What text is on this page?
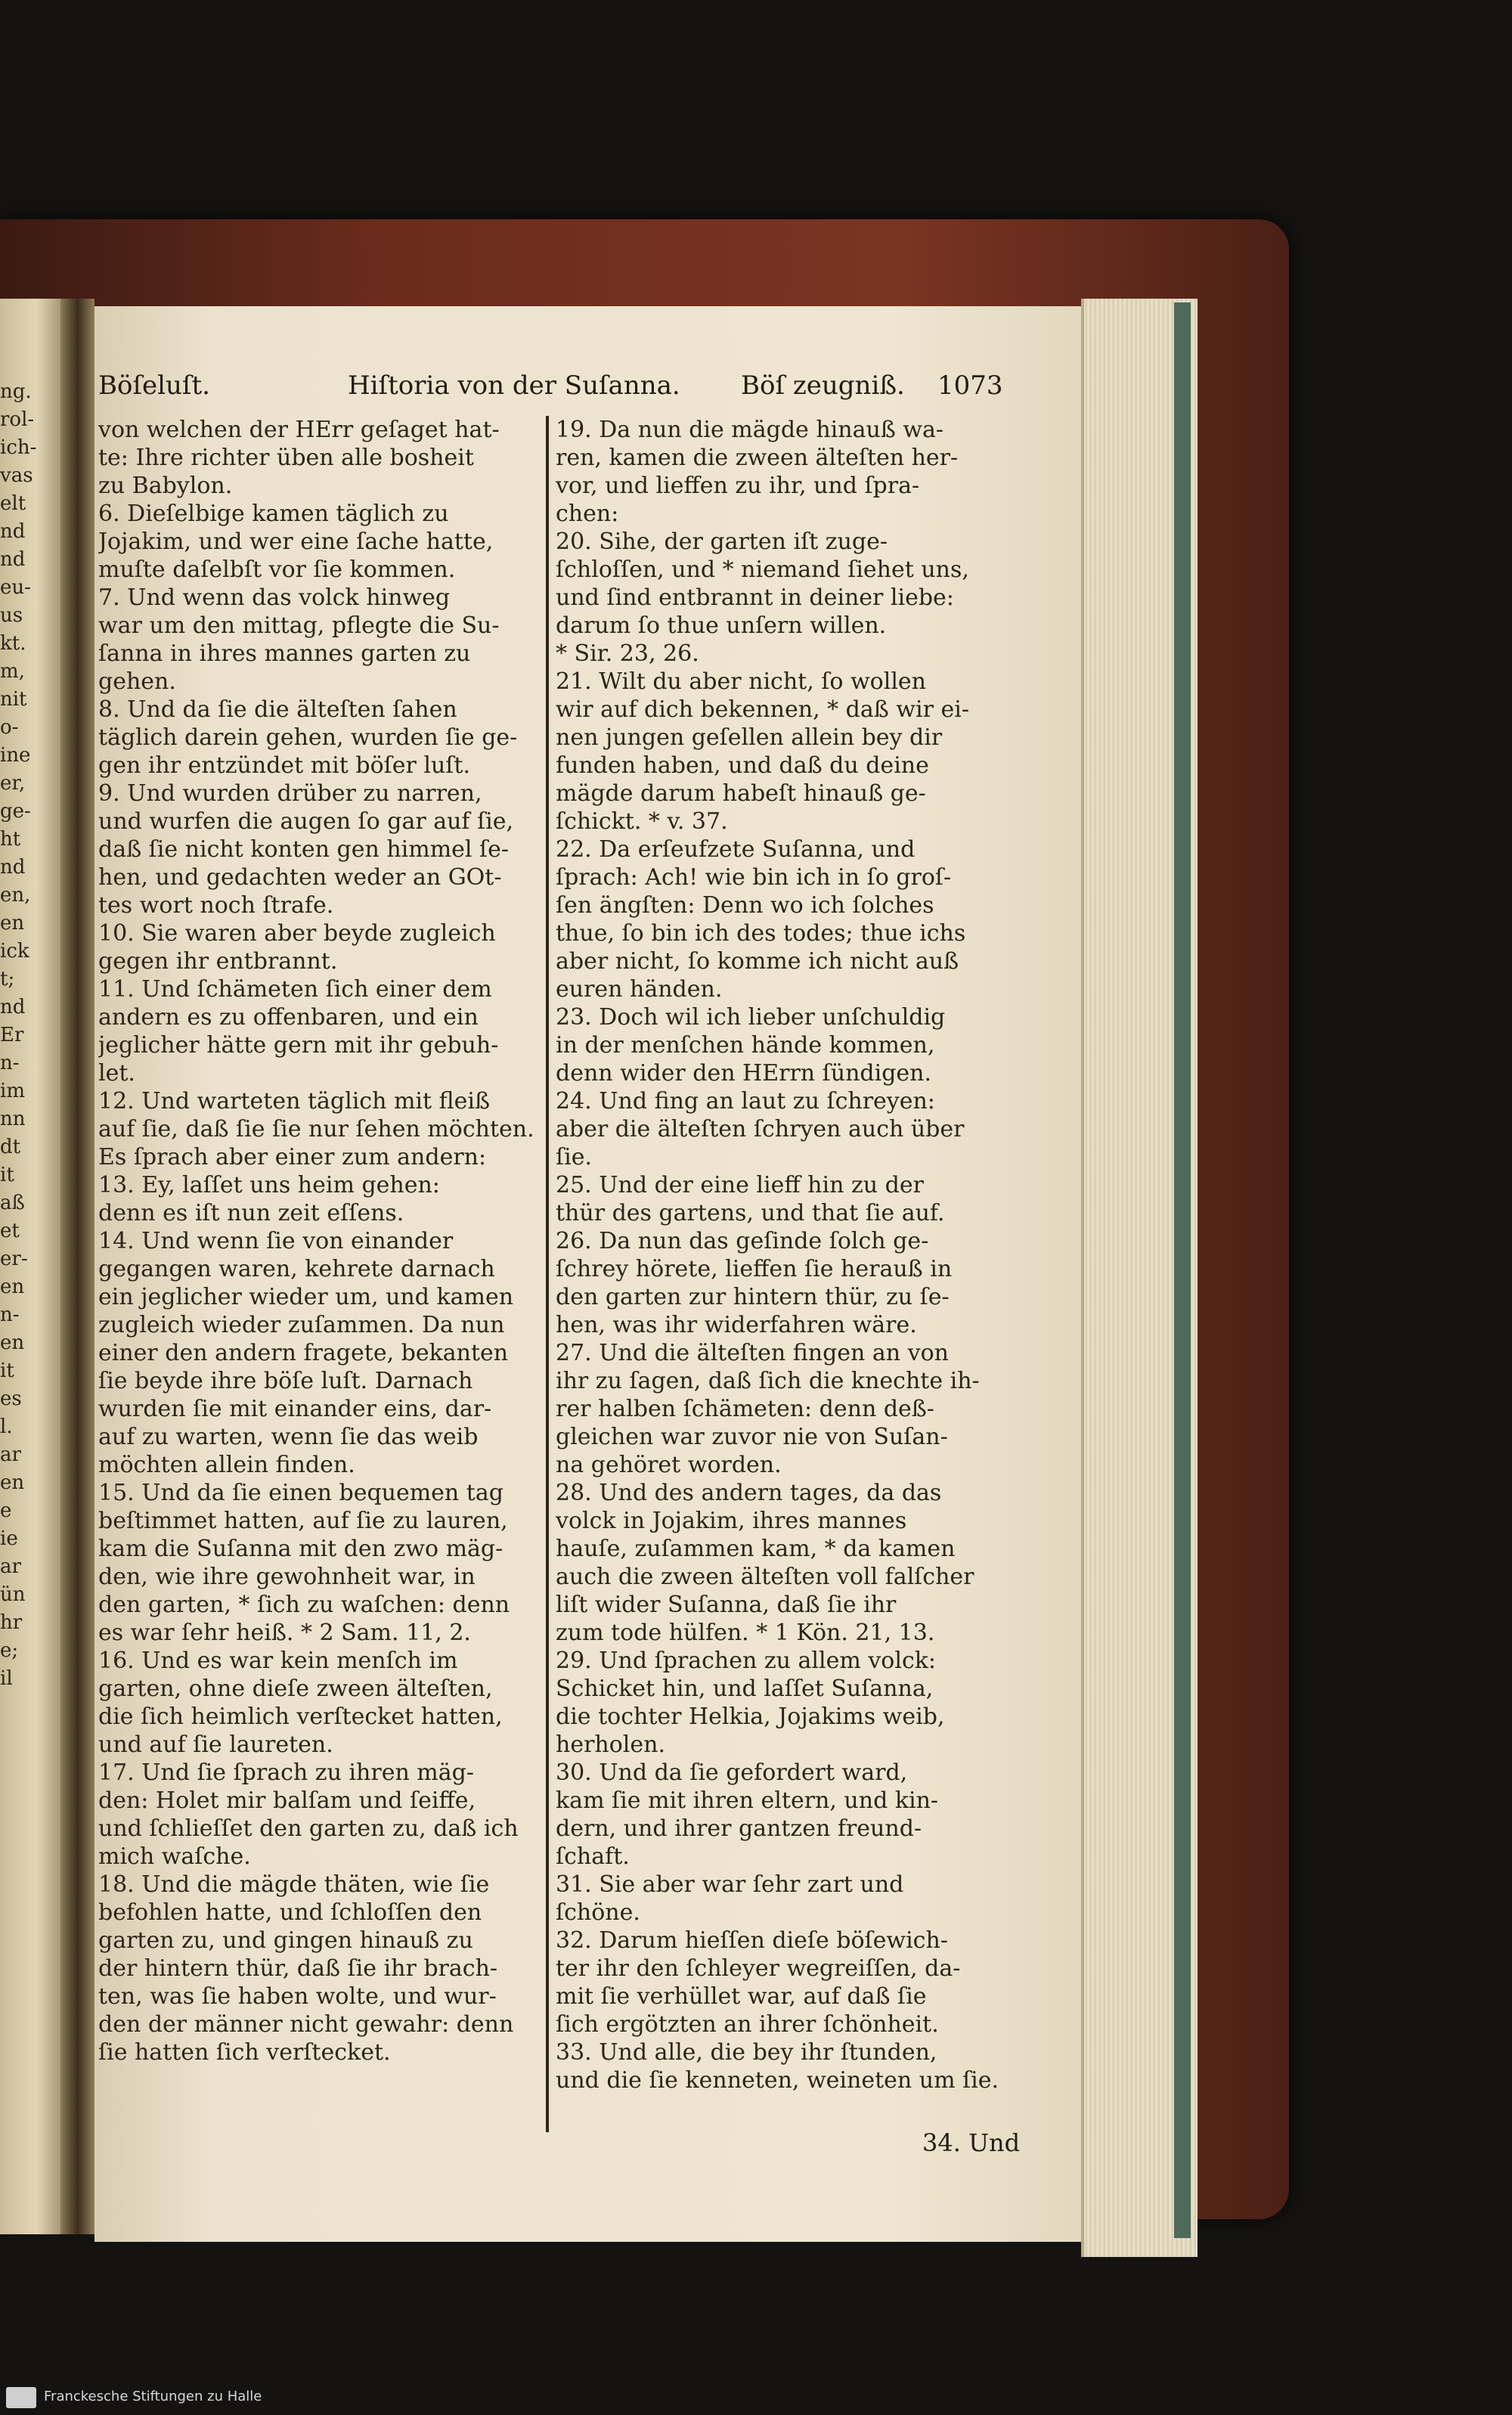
ng.
rol-
ich-
vas
elt
nd
nd
eu-
us
kt.
m,
nit
o-
ine
er,
ge-
ht
nd
en,
en
ick
t;
nd
Er
n-
im
nn
dt
it
aß
et
er-
en
n-
en
it
es
l.
ar
en
e
ie
ar
ün
hr
e;
il
Böſeluſt.	Hiſtoria von der Suſanna. Böſ zeugniß. 1073
von welchen der HErr geſaget hat-
te: Ihre richter üben alle bosheit
zu Babylon.
6. Dieſelbige kamen täglich zu
Jojakim, und wer eine ſache hatte,
muſte daſelbſt vor ſie kommen.
7. Und wenn das volck hinweg
war um den mittag, pflegte die Su-
ſanna in ihres mannes garten zu
gehen.
8. Und da ſie die älteſten ſahen
täglich darein gehen, wurden ſie ge-
gen ihr entzündet mit böſer luſt.
9. Und wurden drüber zu narren,
und wurfen die augen ſo gar auf ſie,
daß ſie nicht konten gen himmel ſe-
hen, und gedachten weder an GOt-
tes wort noch ſtrafe.
10. Sie waren aber beyde zugleich
gegen ihr entbrannt.
11. Und ſchämeten ſich einer dem
andern es zu offenbaren, und ein
jeglicher hätte gern mit ihr gebuh-
let.
12. Und warteten täglich mit fleiß
auf ſie, daß ſie ſie nur ſehen möchten.
Es ſprach aber einer zum andern:
13. Ey, laſſet uns heim gehen:
denn es iſt nun zeit eſſens.
14. Und wenn ſie von einander
gegangen waren, kehrete darnach
ein jeglicher wieder um, und kamen
zugleich wieder zuſammen. Da nun
einer den andern fragete, bekanten
ſie beyde ihre böſe luſt. Darnach
wurden ſie mit einander eins, dar-
auf zu warten, wenn ſie das weib
möchten allein finden.
15. Und da ſie einen bequemen tag
beſtimmet hatten, auf ſie zu lauren,
kam die Suſanna mit den zwo mäg-
den, wie ihre gewohnheit war, in
den garten, * ſich zu waſchen: denn
es war ſehr heiß. * 2 Sam. 11, 2.
16. Und es war kein menſch im
garten, ohne dieſe zween älteſten,
die ſich heimlich verſtecket hatten,
und auf ſie laureten.
17. Und ſie ſprach zu ihren mäg-
den: Holet mir balſam und ſeiffe,
und ſchlieſſet den garten zu, daß ich
mich waſche.
18. Und die mägde thäten, wie ſie
befohlen hatte, und ſchloſſen den
garten zu, und gingen hinauß zu
der hintern thür, daß ſie ihr brach-
ten, was ſie haben wolte, und wur-
den der männer nicht gewahr: denn
ſie hatten ſich verſtecket.
19. Da nun die mägde hinauß wa-
ren, kamen die zween älteſten her-
vor, und lieffen zu ihr, und ſpra-
chen:
20. Sihe, der garten iſt zuge-
ſchloſſen, und * niemand ſiehet uns,
und ſind entbrannt in deiner liebe:
darum ſo thue unſern willen.
* Sir. 23, 26.
21. Wilt du aber nicht, ſo wollen
wir auf dich bekennen, * daß wir ei-
nen jungen geſellen allein bey dir
funden haben, und daß du deine
mägde darum habeſt hinauß ge-
ſchickt. * v. 37.
22. Da erſeufzete Suſanna, und
ſprach: Ach! wie bin ich in ſo groſ-
ſen ängſten: Denn wo ich ſolches
thue, ſo bin ich des todes; thue ichs
aber nicht, ſo komme ich nicht auß
euren händen.
23. Doch wil ich lieber unſchuldig
in der menſchen hände kommen,
denn wider den HErrn ſündigen.
24. Und fing an laut zu ſchreyen:
aber die älteſten ſchryen auch über
ſie.
25. Und der eine lieff hin zu der
thür des gartens, und that ſie auf.
26. Da nun das geſinde ſolch ge-
ſchrey hörete, lieffen ſie herauß in
den garten zur hintern thür, zu ſe-
hen, was ihr widerfahren wäre.
27. Und die älteſten fingen an von
ihr zu ſagen, daß ſich die knechte ih-
rer halben ſchämeten: denn deß-
gleichen war zuvor nie von Suſan-
na gehöret worden.
28. Und des andern tages, da das
volck in Jojakim, ihres mannes
hauſe, zuſammen kam, * da kamen
auch die zween älteſten voll falſcher
liſt wider Suſanna, daß ſie ihr
zum tode hülfen. * 1 Kön. 21, 13.
29. Und ſprachen zu allem volck:
Schicket hin, und laſſet Suſanna,
die tochter Helkia, Jojakims weib,
herholen.
30. Und da ſie gefordert ward,
kam ſie mit ihren eltern, und kin-
dern, und ihrer gantzen freund-
ſchaft.
31. Sie aber war ſehr zart und
ſchöne.
32. Darum hieſſen dieſe böſewich-
ter ihr den ſchleyer wegreiſſen, da-
mit ſie verhüllet war, auf daß ſie
ſich ergötzten an ihrer ſchönheit.
33. Und alle, die bey ihr ſtunden,
und die ſie kenneten, weineten um ſie.
34. Und
Franckesche Stiftungen zu Halle
